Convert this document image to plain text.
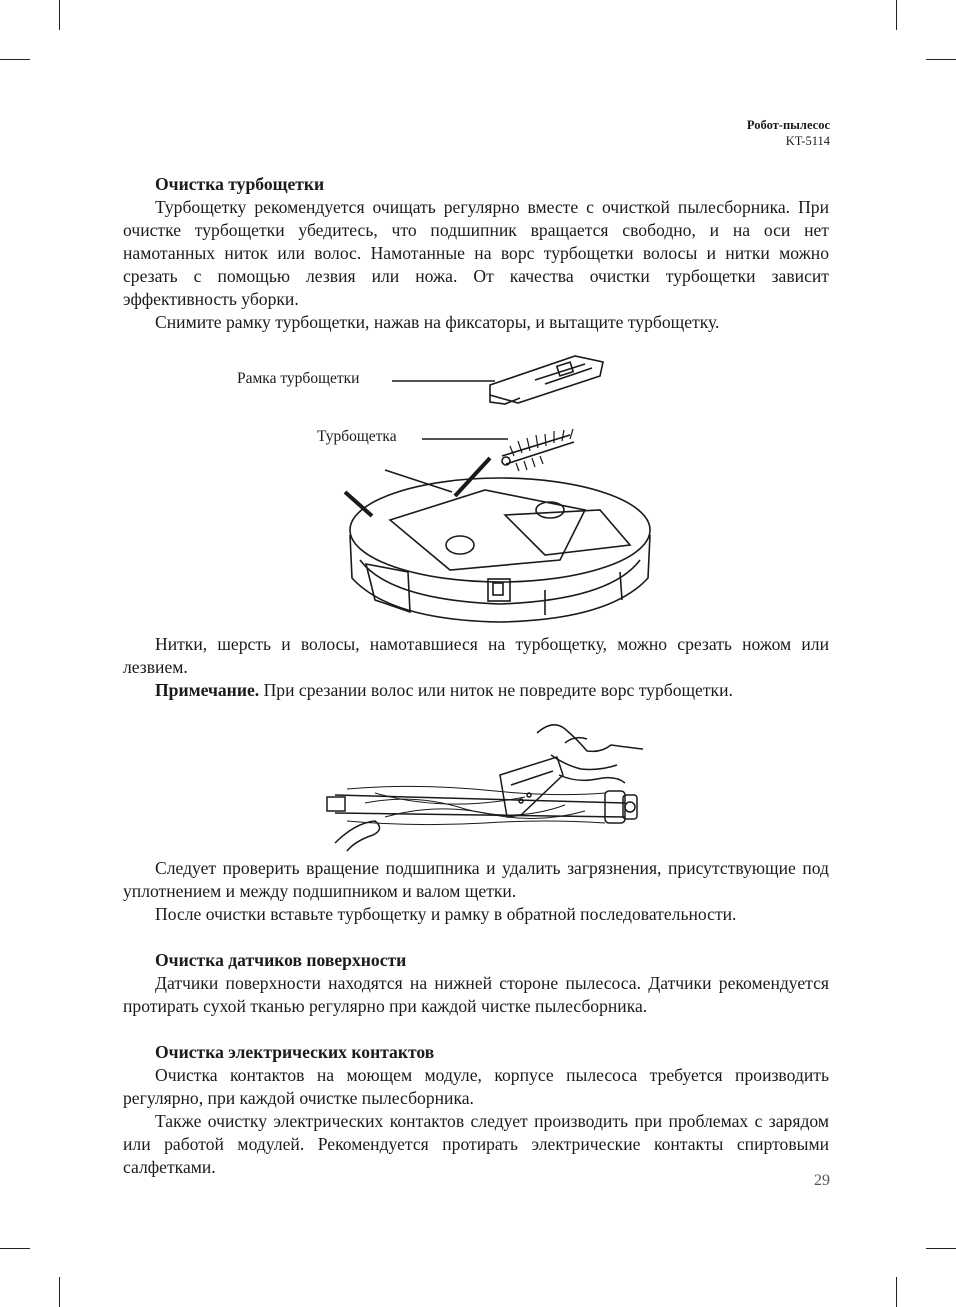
Робот-пылесос
KT-5114
Очистка турбощетки

Турбощетку рекомендуется очищать регулярно вместе с очисткой пылесборника. При очистке турбощетки убедитесь, что подшипник вращается свободно, и на оси нет намотанных ниток или волос. Намотанные на ворс турбощетки волосы и нитки можно срезать с помощью лезвия или ножа. От качества очистки турбощетки зависит эффективность уборки.

Снимите рамку турбощетки, нажав на фиксаторы, и вытащите турбощетку.

Рамка турбощетки
Турбощетка

Нитки, шерсть и волосы, намотавшиеся на турбощетку, можно срезать ножом или лезвием.

Примечание. При срезании волос или ниток не повредите ворс турбощетки.

Следует проверить вращение подшипника и удалить загрязнения, присутствующие под уплотнением и между подшипником и валом щетки.

После очистки вставьте турбощетку и рамку в обратной последовательности.

Очистка датчиков поверхности

Датчики поверхности находятся на нижней стороне пылесоса. Датчики рекомендуется протирать сухой тканью регулярно при каждой чистке пылесборника.

Очистка электрических контактов

Очистка контактов на моющем модуле, корпусе пылесоса требуется производить регулярно, при каждой очистке пылесборника.

Также очистку электрических контактов следует производить при проблемах с зарядом или работой модулей. Рекомендуется протирать электрические контакты спиртовыми салфетками.

29
